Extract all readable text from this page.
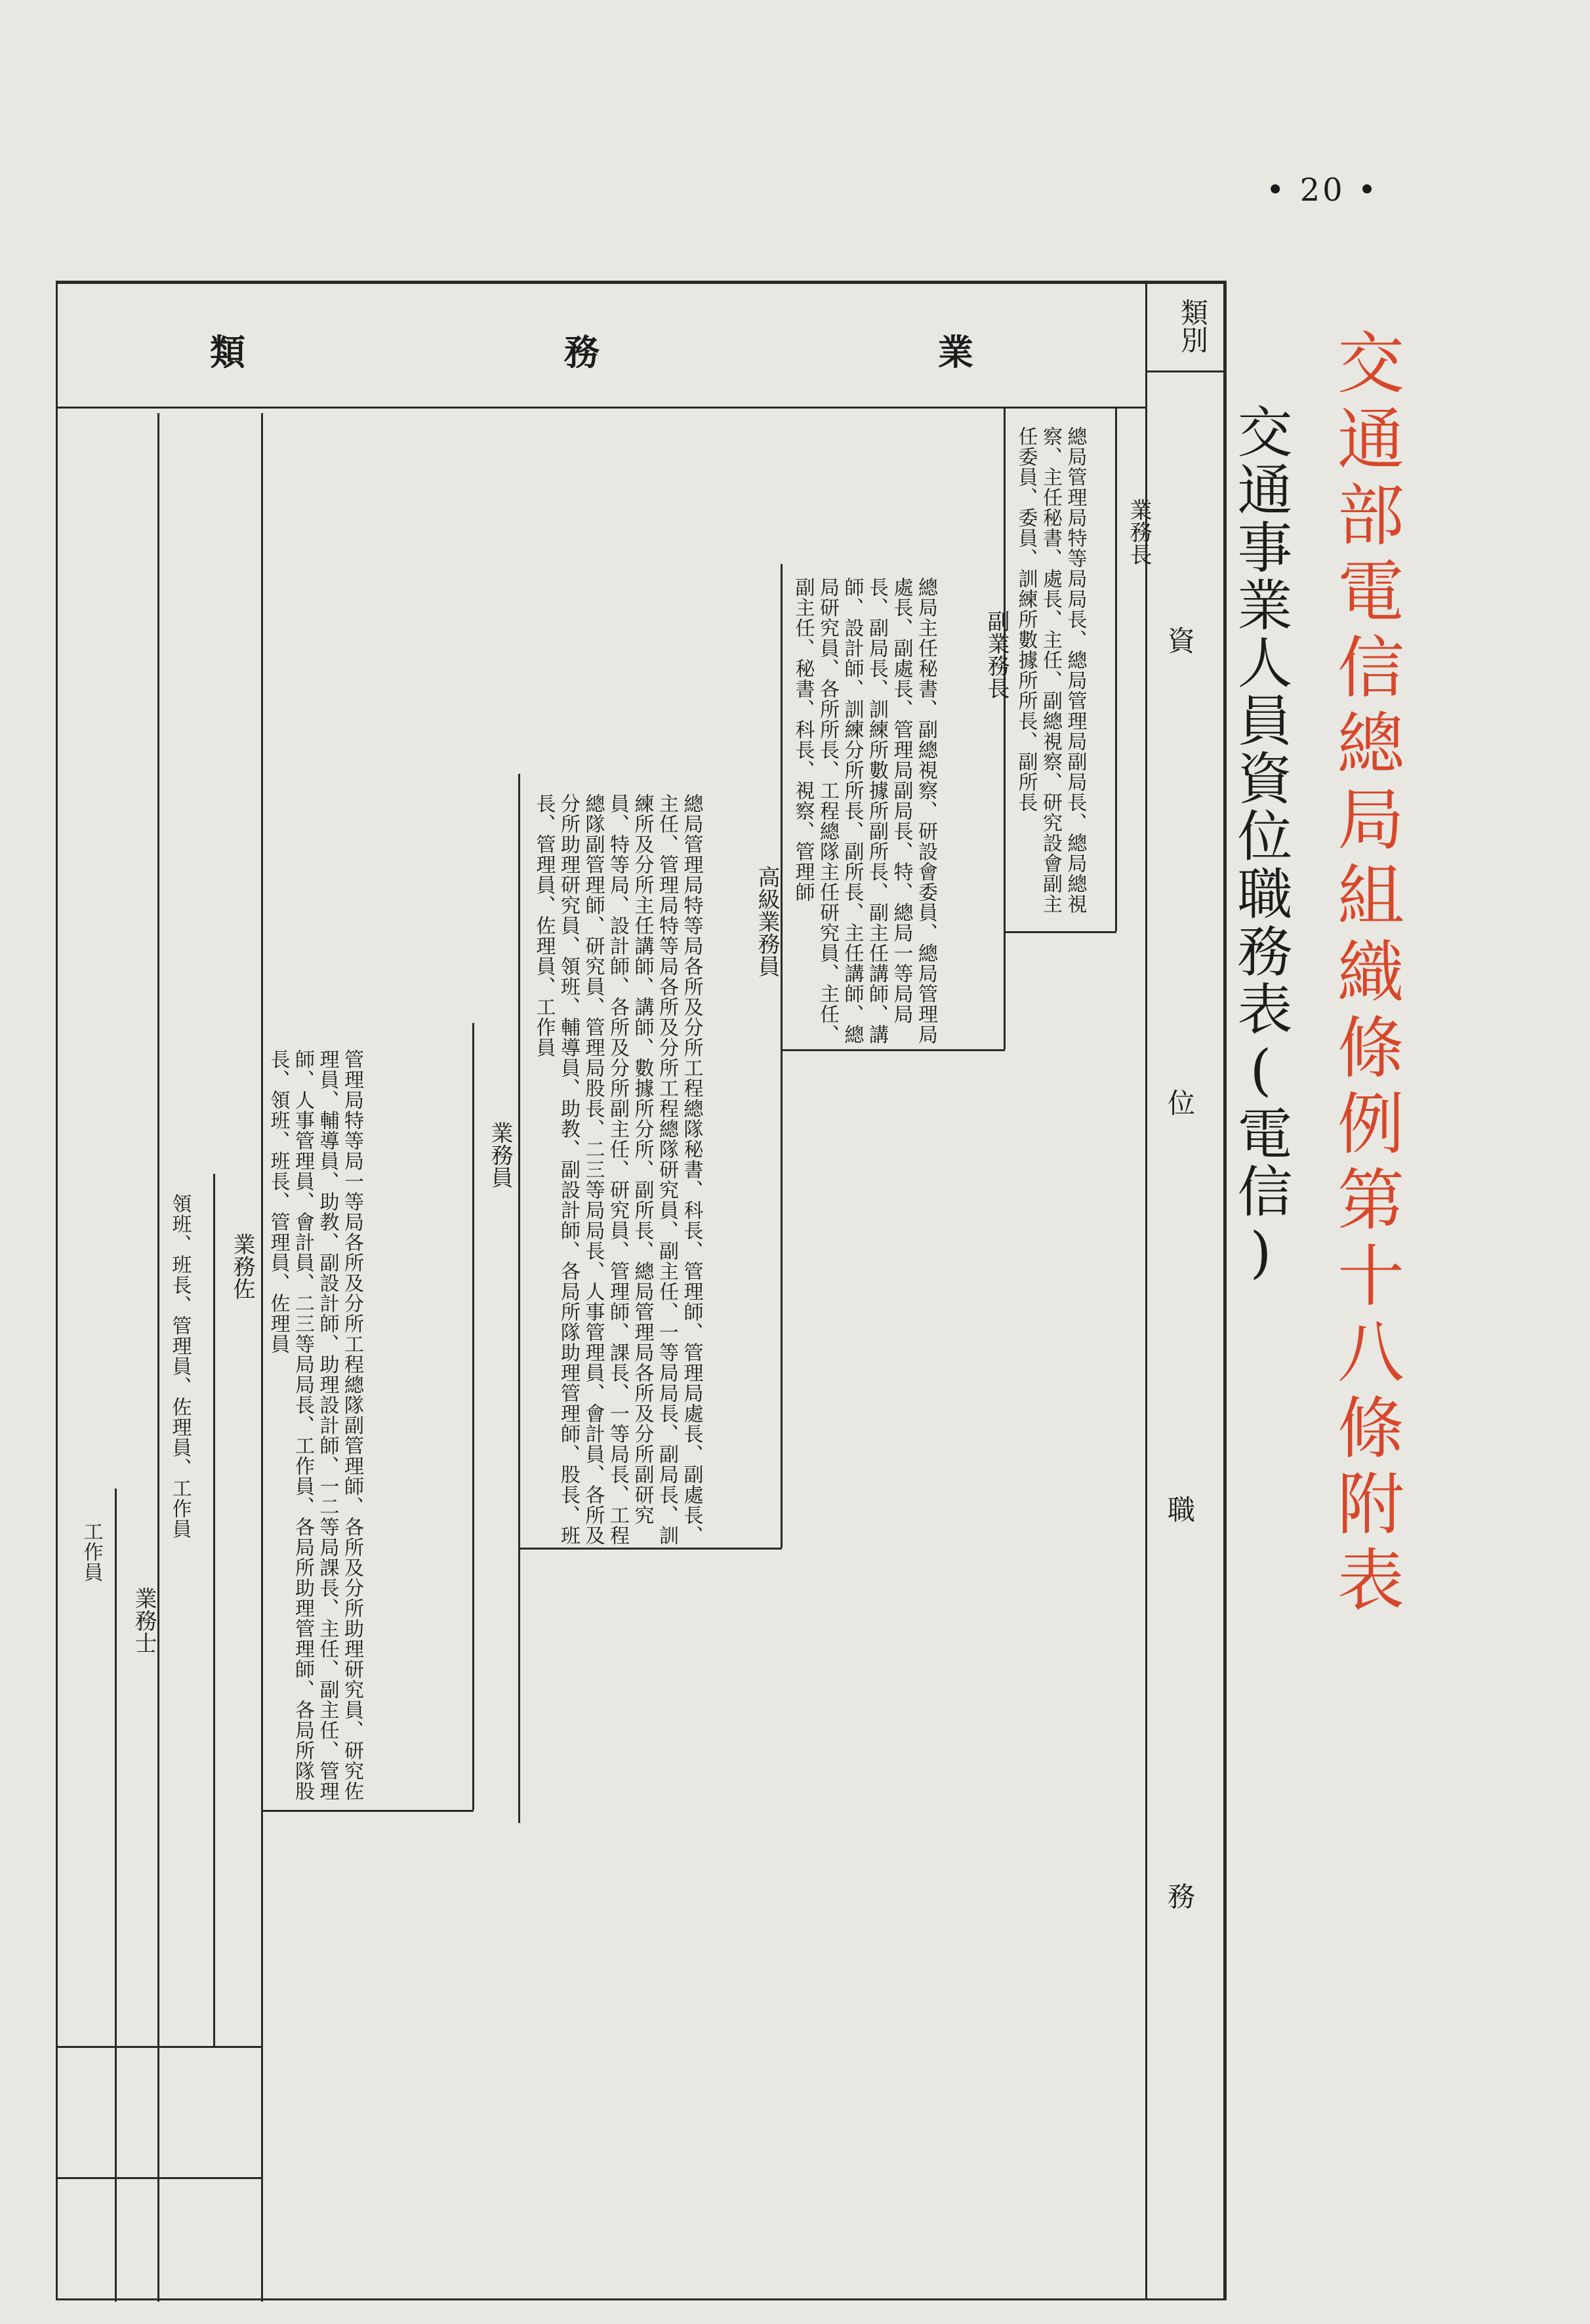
• 20 •
交通部電信總局組織條例第十八條附表
交通事業人員資位職務表(電信)
類別
資
位
職
務
業
務
類
業務長
總局管理局特等局局長、總局管理局副局長、總局總視察、主任秘書、處長、主任、副總視察、研究設會副主任委員、委員、訓練所數據所所長、副所長
副業務長
總局主任秘書、副總視察、研設會委員、總局管理局處長、副處長、管理局副局長、特、總局一等局局長、副局長、訓練所數據所副所長、副主任講師、講師、設計師、訓練分所所長、副所長、主任講師、總局研究員、各所所長、工程總隊主任研究員、主任、副主任、秘書、科長、視察、管理師
高級業務員
總局管理局特等局各所及分所工程總隊秘書、科長、管理師、管理局處長、副處長、主任、管理局特等局各所及分所工程總隊研究員、副主任、一等局局長、副局長、訓練所及分所主任講師、講師、數據所分所、副所長、總局管理局各所及分所副研究員、特等局、設計師、各所及分所副主任、研究員、管理師、課長、一等局長、工程總隊副管理師、研究員、管理局股長、二三等局局長、人事管理員、會計員、各所及分所助理研究員、領班、輔導員、助教、副設計師、各局所隊助理管理師、股長、班長、管理員、佐理員、工作員
業務員
管理局特等局一等局各所及分所工程總隊副管理師、各所及分所助理研究員、研究佐理員、輔導員、助教、副設計師、助理設計師、一二等局課長、主任、副主任、管理師、人事管理員、會計員、二三等局局長、工作員、各局所助理管理師、各局所隊股長、領班、班長、管理員、佐理員
業務佐
領班、班長、管理員、佐理員、工作員
業務士
工作員
